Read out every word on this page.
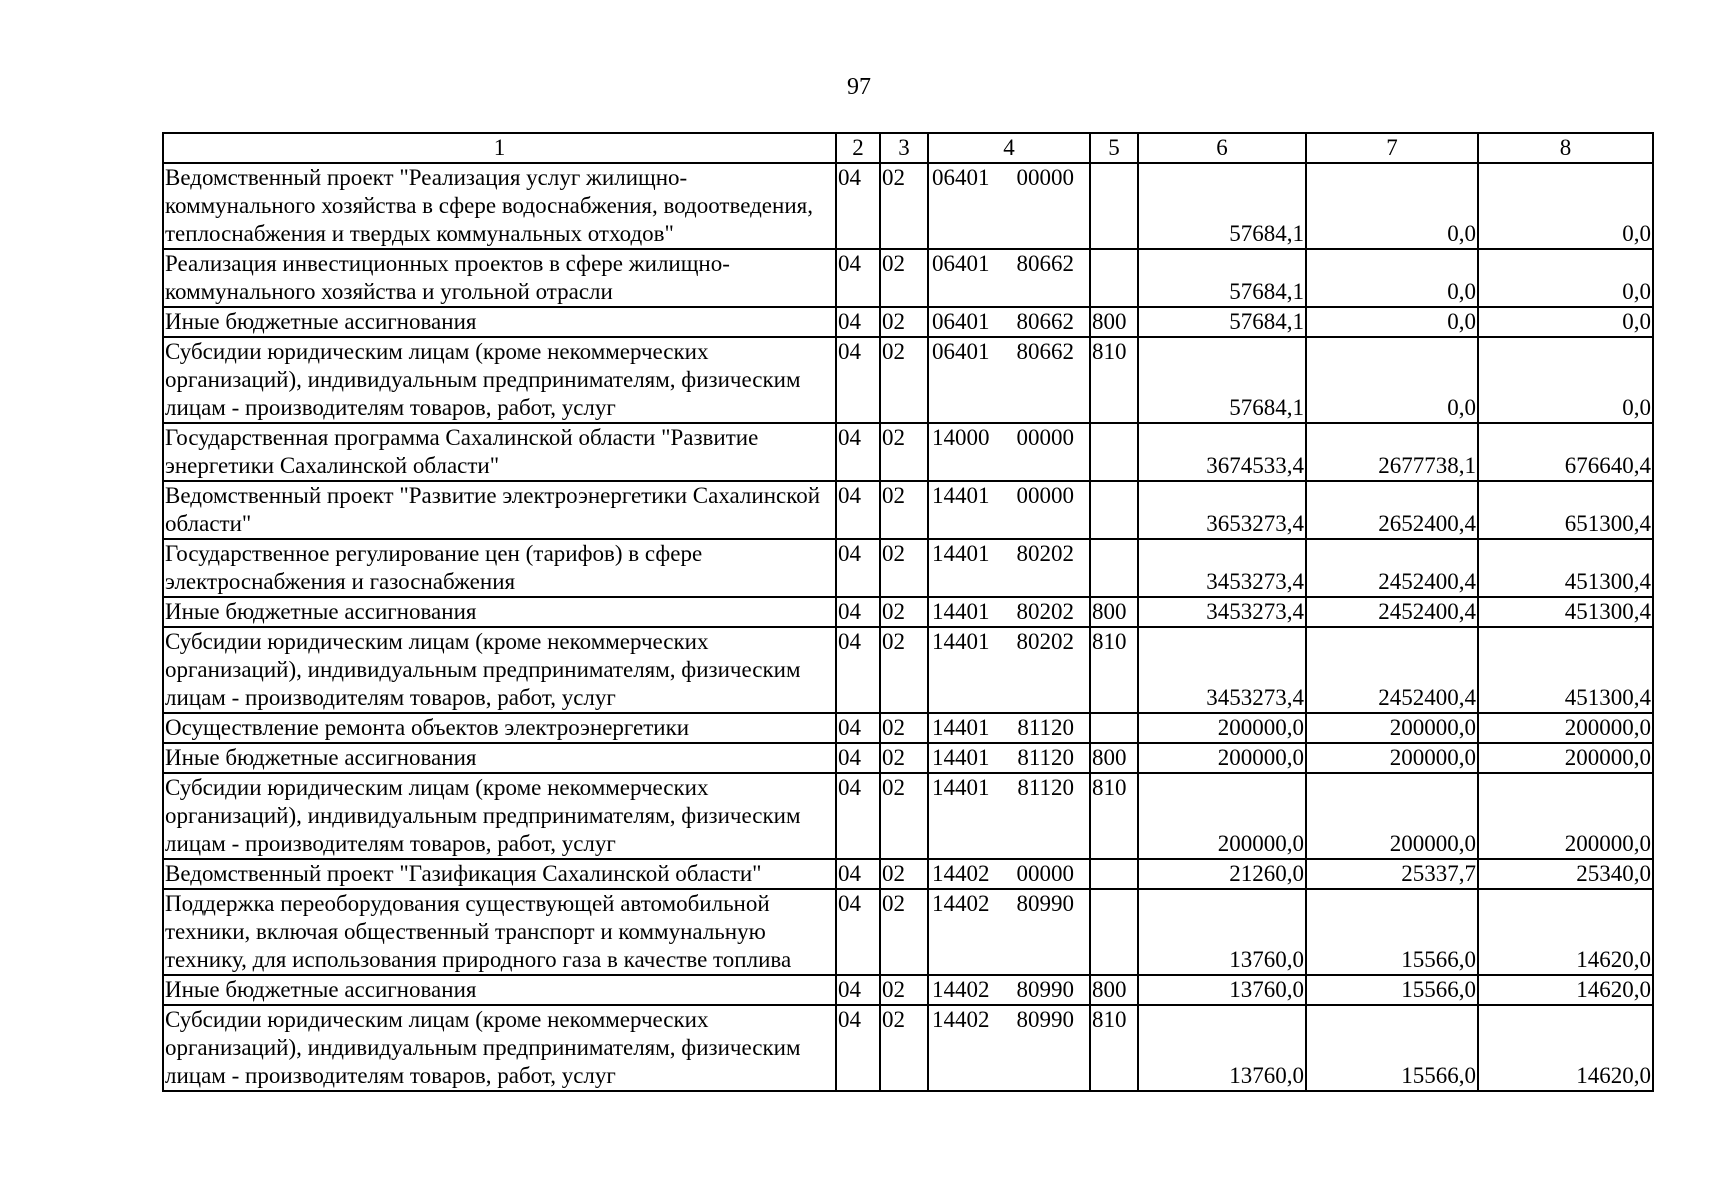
97
1	2	3	4	5	6	7	8
Ведомственный проект "Реализация услуг жилищно-коммунального хозяйства в сфере водоснабжения, водоотведения, теплоснабжения и твердых коммунальных отходов"	04	02	06401 00000		57684,1	0,0	0,0
Реализация инвестиционных проектов в сфере жилищно-коммунального хозяйства и угольной отрасли	04	02	06401 80662		57684,1	0,0	0,0
Иные бюджетные ассигнования	04	02	06401 80662	800	57684,1	0,0	0,0
Субсидии юридическим лицам (кроме некоммерческих организаций), индивидуальным предпринимателям, физическим лицам - производителям товаров, работ, услуг	04	02	06401 80662	810	57684,1	0,0	0,0
Государственная программа Сахалинской области "Развитие энергетики Сахалинской области"	04	02	14000 00000		3674533,4	2677738,1	676640,4
Ведомственный проект "Развитие электроэнергетики Сахалинской области"	04	02	14401 00000		3653273,4	2652400,4	651300,4
Государственное регулирование цен (тарифов) в сфере электроснабжения и газоснабжения	04	02	14401 80202		3453273,4	2452400,4	451300,4
Иные бюджетные ассигнования	04	02	14401 80202	800	3453273,4	2452400,4	451300,4
Субсидии юридическим лицам (кроме некоммерческих организаций), индивидуальным предпринимателям, физическим лицам - производителям товаров, работ, услуг	04	02	14401 80202	810	3453273,4	2452400,4	451300,4
Осуществление ремонта объектов электроэнергетики	04	02	14401 81120		200000,0	200000,0	200000,0
Иные бюджетные ассигнования	04	02	14401 81120	800	200000,0	200000,0	200000,0
Субсидии юридическим лицам (кроме некоммерческих организаций), индивидуальным предпринимателям, физическим лицам - производителям товаров, работ, услуг	04	02	14401 81120	810	200000,0	200000,0	200000,0
Ведомственный проект "Газификация Сахалинской области"	04	02	14402 00000		21260,0	25337,7	25340,0
Поддержка переоборудования существующей автомобильной техники, включая общественный транспорт и коммунальную технику, для использования природного газа в качестве топлива	04	02	14402 80990		13760,0	15566,0	14620,0
Иные бюджетные ассигнования	04	02	14402 80990	800	13760,0	15566,0	14620,0
Субсидии юридическим лицам (кроме некоммерческих организаций), индивидуальным предпринимателям, физическим лицам - производителям товаров, работ, услуг	04	02	14402 80990	810	13760,0	15566,0	14620,0
